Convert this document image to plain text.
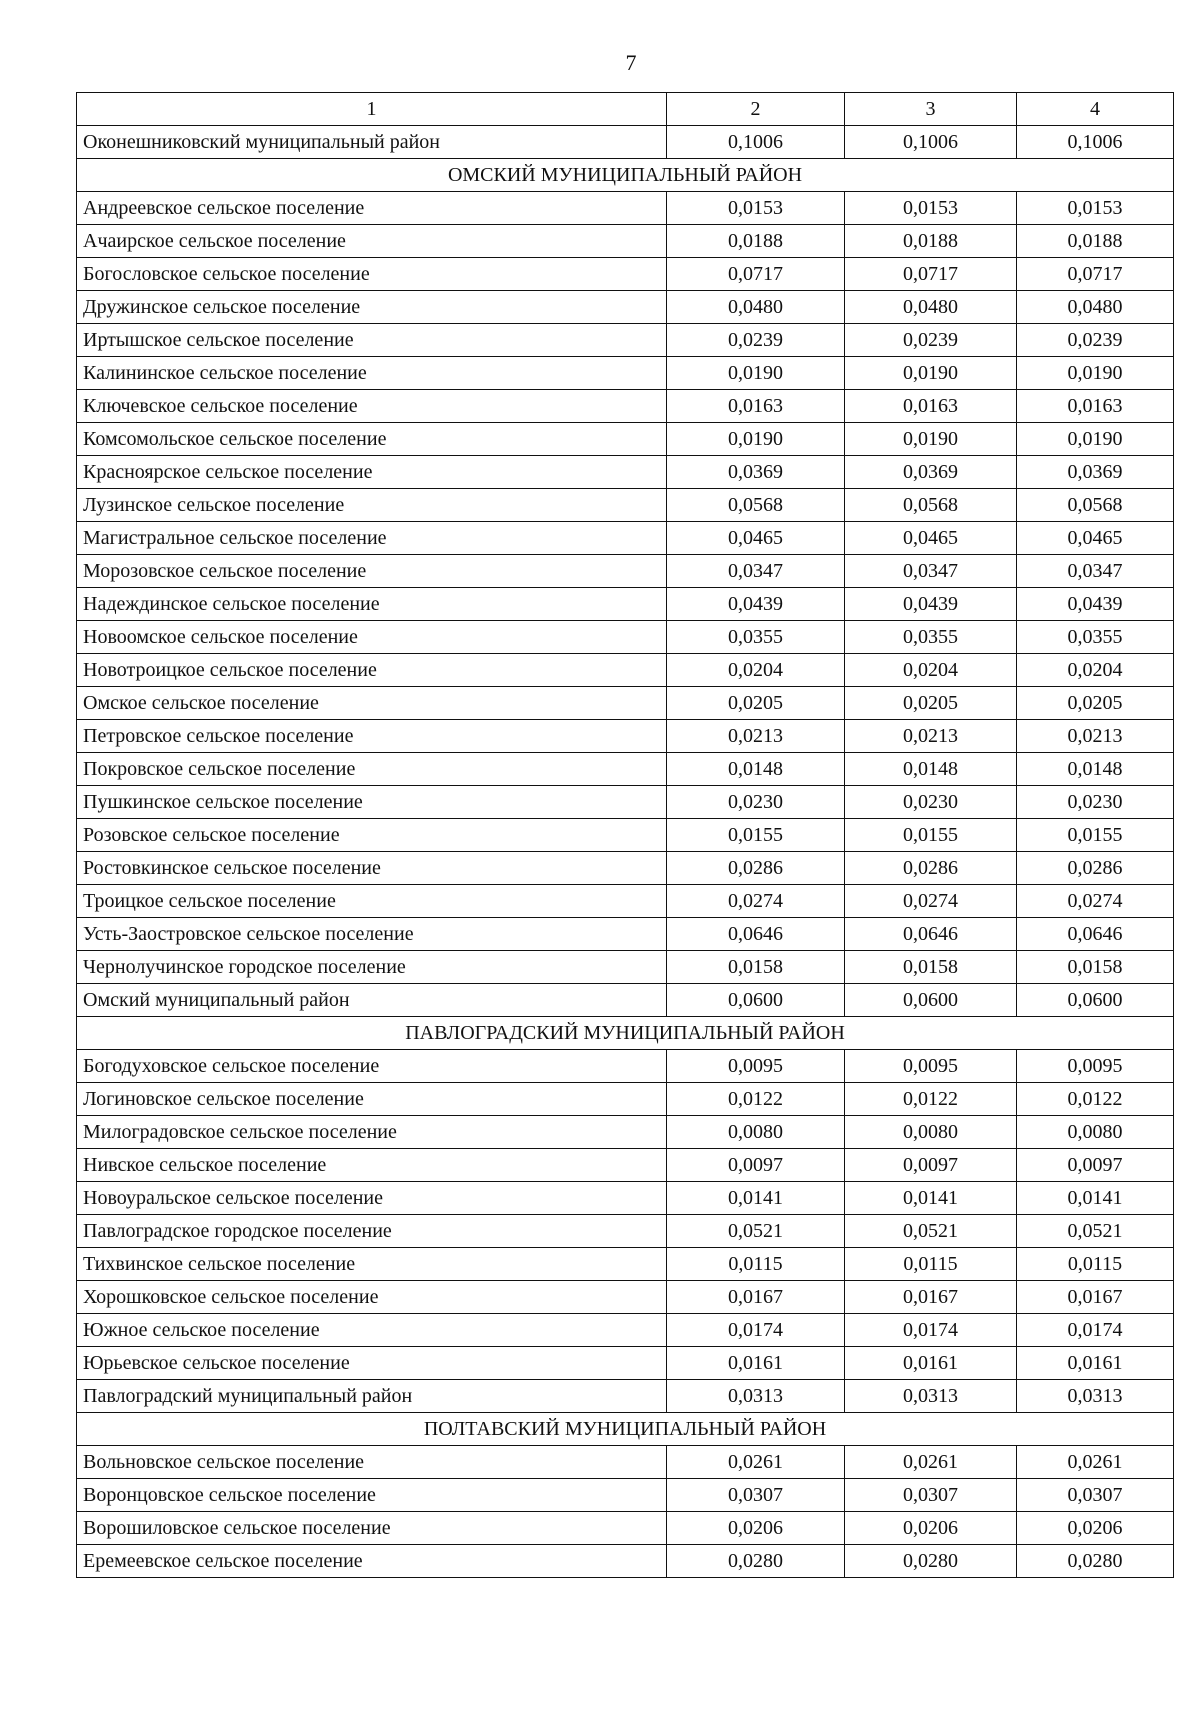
7
1	2	3	4
Оконешниковский муниципальный район	0,1006	0,1006	0,1006
ОМСКИЙ МУНИЦИПАЛЬНЫЙ РАЙОН			
Андреевское сельское поселение	0,0153	0,0153	0,0153
Ачаирское сельское поселение	0,0188	0,0188	0,0188
Богословское сельское поселение	0,0717	0,0717	0,0717
Дружинское сельское поселение	0,0480	0,0480	0,0480
Иртышское сельское поселение	0,0239	0,0239	0,0239
Калининское сельское поселение	0,0190	0,0190	0,0190
Ключевское сельское поселение	0,0163	0,0163	0,0163
Комсомольское сельское поселение	0,0190	0,0190	0,0190
Красноярское сельское поселение	0,0369	0,0369	0,0369
Лузинское сельское поселение	0,0568	0,0568	0,0568
Магистральное сельское поселение	0,0465	0,0465	0,0465
Морозовское сельское поселение	0,0347	0,0347	0,0347
Надеждинское сельское поселение	0,0439	0,0439	0,0439
Новоомское сельское поселение	0,0355	0,0355	0,0355
Новотроицкое сельское поселение	0,0204	0,0204	0,0204
Омское сельское поселение	0,0205	0,0205	0,0205
Петровское сельское поселение	0,0213	0,0213	0,0213
Покровское сельское поселение	0,0148	0,0148	0,0148
Пушкинское сельское поселение	0,0230	0,0230	0,0230
Розовское сельское поселение	0,0155	0,0155	0,0155
Ростовкинское сельское поселение	0,0286	0,0286	0,0286
Троицкое сельское поселение	0,0274	0,0274	0,0274
Усть-Заостровское сельское поселение	0,0646	0,0646	0,0646
Чернолучинское городское поселение	0,0158	0,0158	0,0158
Омский муниципальный район	0,0600	0,0600	0,0600
ПАВЛОГРАДСКИЙ МУНИЦИПАЛЬНЫЙ РАЙОН			
Богодуховское сельское поселение	0,0095	0,0095	0,0095
Логиновское сельское поселение	0,0122	0,0122	0,0122
Милоградовское сельское поселение	0,0080	0,0080	0,0080
Нивское сельское поселение	0,0097	0,0097	0,0097
Новоуральское сельское поселение	0,0141	0,0141	0,0141
Павлоградское городское поселение	0,0521	0,0521	0,0521
Тихвинское сельское поселение	0,0115	0,0115	0,0115
Хорошковское сельское поселение	0,0167	0,0167	0,0167
Южное сельское поселение	0,0174	0,0174	0,0174
Юрьевское сельское поселение	0,0161	0,0161	0,0161
Павлоградский муниципальный район	0,0313	0,0313	0,0313
ПОЛТАВСКИЙ МУНИЦИПАЛЬНЫЙ РАЙОН			
Вольновское сельское поселение	0,0261	0,0261	0,0261
Воронцовское сельское поселение	0,0307	0,0307	0,0307
Ворошиловское сельское поселение	0,0206	0,0206	0,0206
Еремеевское сельское поселение	0,0280	0,0280	0,0280
